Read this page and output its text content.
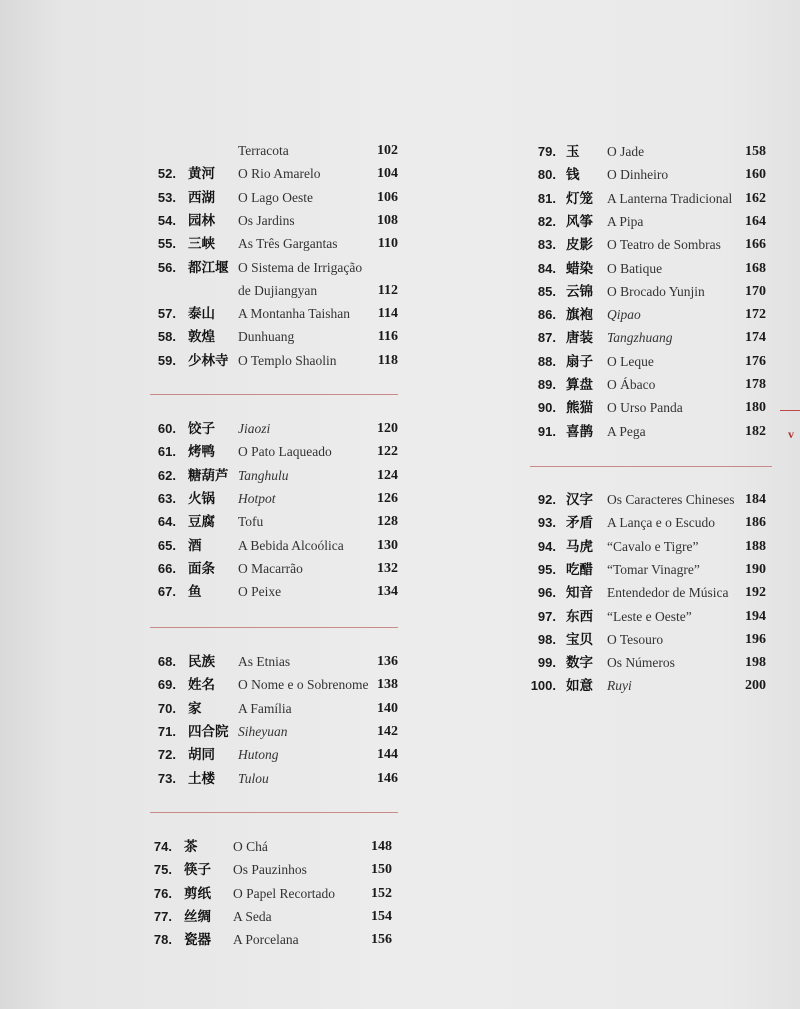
Terracota	102
52. 黄河 O Rio Amarelo	104
53. 西湖 O Lago Oeste	106
54. 园林 Os Jardins	108
55. 三峡 As Três Gargantas	110
56. 都江堰 O Sistema de Irrigação
de Dujiangyan	112
57. 泰山 A Montanha Taishan	114
58. 敦煌 Dunhuang	116
59. 少林寺 O Templo Shaolin	118
60. 饺子 Jiaozi	120
61. 烤鸭 O Pato Laqueado	122
62. 糖葫芦 Tanghulu	124
63. 火锅 Hotpot	126
64. 豆腐 Tofu	128
65. 酒	A Bebida Alcoólica	130
66. 面条 O Macarrão	132
67. 鱼	O Peixe	134
68. 民族 As Etnias	136
69. 姓名 O Nome e o Sobrenome 138
70. 家	A Família	140
71. 四合院 Siheyuan	142
72. 胡同 Hutong	144
73. 土楼 Tulou	146
74. 茶	O Chá	148
75. 筷子 Os Pauzinhos	150
76. 剪纸 O Papel Recortado	152
77. 丝绸 A Seda	154
78. 瓷器 A Porcelana	156
79. 玉 O Jade	158
80. 钱 O Dinheiro	160
81. 灯笼 A Lanterna Tradicional 162
82. 风筝 A Pipa	164
83. 皮影 O Teatro de Sombras	166
84. 蜡染 O Batique	168
85. 云锦 O Brocado Yunjin	170
86. 旗袍 Qipao	172
87. 唐装 Tangzhuang	174
88. 扇子 O Leque	176
89. 算盘 O Ábaco	178
90. 熊猫 O Urso Panda	180
91. 喜鹊 A Pega	182
92. 汉字 Os Caracteres Chineses 184
93. 矛盾 A Lança e o Escudo	186
94. 马虎 “Cavalo e Tigre”	188
95. 吃醋 “Tomar Vinagre”	190
96. 知音 Entendedor de Música	192
97. 东西 “Leste e Oeste”	194
98. 宝贝 O Tesouro	196
99. 数字 Os Números	198
100. 如意 Ruyi	200
v
